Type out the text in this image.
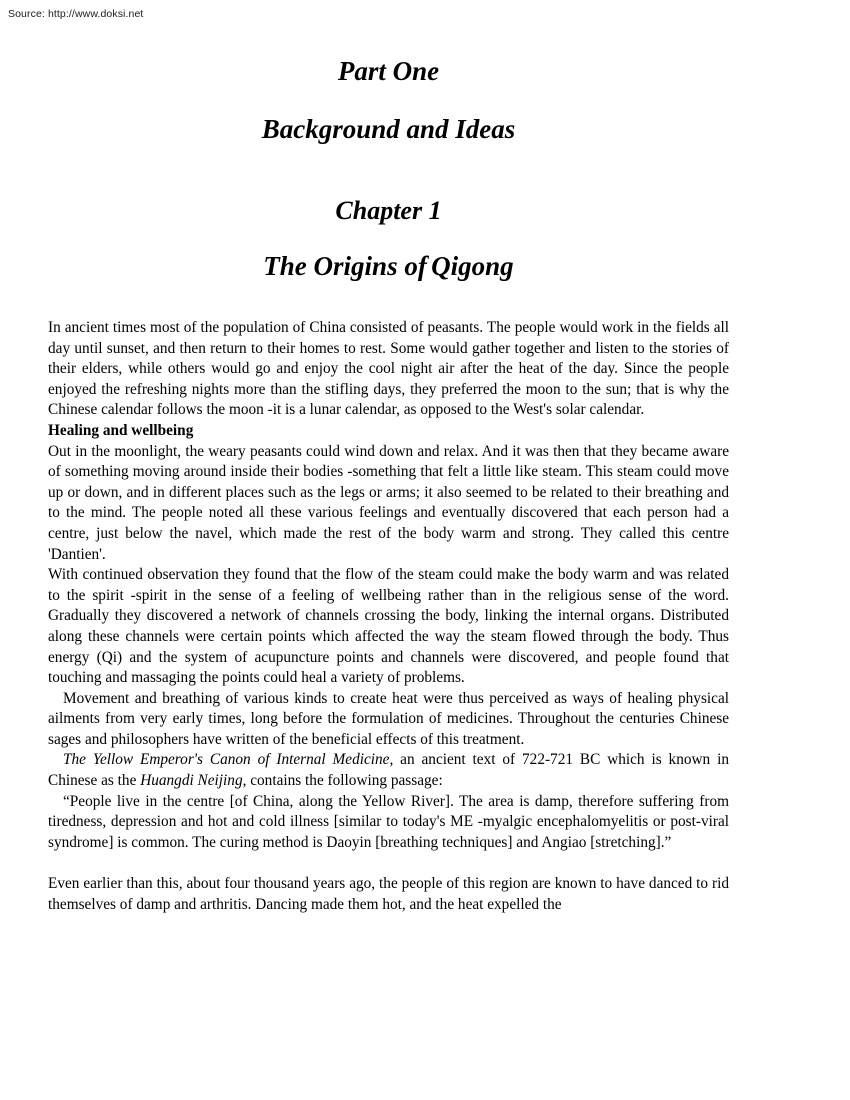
Source: http://www.doksi.net
Part One
Background and Ideas
Chapter 1
The Origins of Qigong

In ancient times most of the population of China consisted of peasants. The people would work in the fields all day until sunset, and then return to their homes to rest. Some would gather together and listen to the stories of their elders, while others would go and enjoy the cool night air after the heat of the day. Since the people enjoyed the refreshing nights more than the stifling days, they preferred the moon to the sun; that is why the Chinese calendar follows the moon -it is a lunar calendar, as opposed to the West's solar calendar.

Healing and wellbeing

Out in the moonlight, the weary peasants could wind down and relax. And it was then that they became aware of something moving around inside their bodies -something that felt a little like steam. This steam could move up or down, and in different places such as the legs or arms; it also seemed to be related to their breathing and to the mind. The people noted all these various feelings and eventually discovered that each person had a centre, just below the navel, which made the rest of the body warm and strong. They called this centre 'Dantien'.

With continued observation they found that the flow of the steam could make the body warm and was related to the spirit -spirit in the sense of a feeling of wellbeing rather than in the religious sense of the word. Gradually they discovered a network of channels crossing the body, linking the internal organs. Distributed along these channels were certain points which affected the way the steam flowed through the body. Thus energy (Qi) and the system of acupuncture points and channels were discovered, and people found that touching and massaging the points could heal a variety of problems.

Movement and breathing of various kinds to create heat were thus perceived as ways of healing physical ailments from very early times, long before the formulation of medicines. Throughout the centuries Chinese sages and philosophers have written of the beneficial effects of this treatment.

The Yellow Emperor's Canon of Internal Medicine, an ancient text of 722-721 BC which is known in Chinese as the Huangdi Neijing, contains the following passage:

“People live in the centre [of China, along the Yellow River]. The area is damp, therefore suffering from tiredness, depression and hot and cold illness [similar to today's ME -myalgic encephalomyelitis or post-viral syndrome] is common. The curing method is Daoyin [breathing techniques] and Angiao [stretching].”

Even earlier than this, about four thousand years ago, the people of this region are known to have danced to rid themselves of damp and arthritis. Dancing made them hot, and the heat expelled the
